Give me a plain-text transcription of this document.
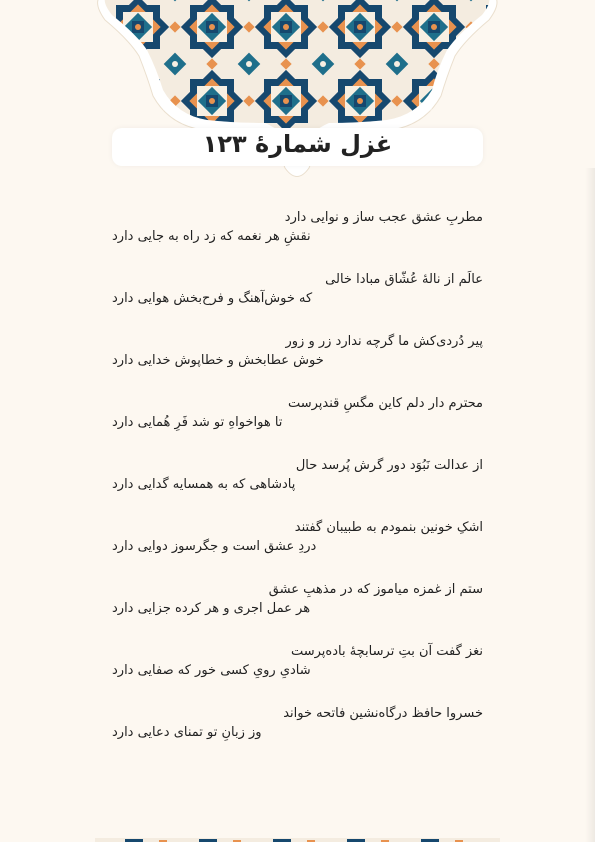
غزل شمارهٔ ۱۲۳
مطربِ عشق عجب ساز و نوایی دارد
نقشِ هر نغمه که زد راه به جایی دارد
عالَم از نالهٔ عُشّاق مبادا خالی
که خوش‌آهنگ و فرح‌بخش هوایی دارد
پیر دُردی‌کش ما گرچه ندارد زر و زور
خوش عطابخش و خطاپوش خدایی دارد
محترم دار دلم کاین مگسِ قندپرست
تا هواخواهِ تو شد فَرِ هُمایی دارد
از عدالت نَبُوَد دور گرش پُرسد حال
پادشاهی که به همسایه گدایی دارد
اشکِ خونین بنمودم به طبیبان گفتند
دردِ عشق است و جگرسوز دوایی دارد
ستم از غمزه میاموز که در مذهبِ عشق
هر عمل اجری و هر کرده جزایی دارد
نغز گفت آن بتِ ترسابچهٔ باده‌پرست
شادیِ رویِ کسی خور که صفایی دارد
خسروا حافظ درگاه‌نشین فاتحه خواند
وز زبانِ تو تمنای دعایی دارد
